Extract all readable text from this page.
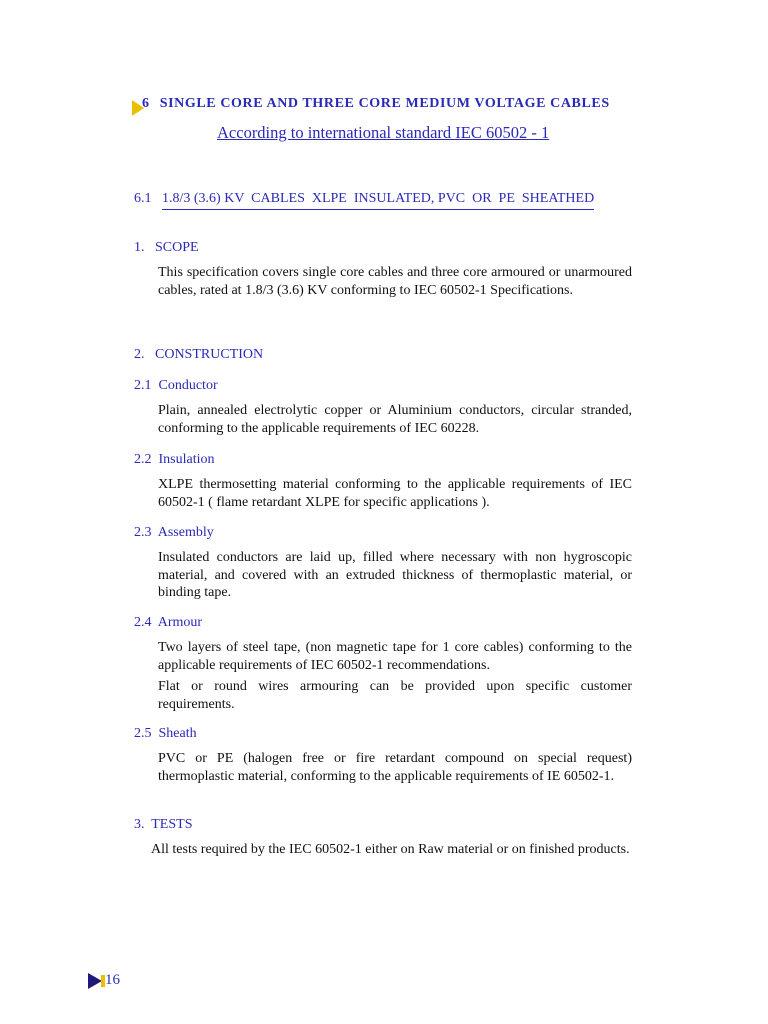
6 SINGLE CORE AND THREE CORE MEDIUM VOLTAGE CABLES
According to international standard IEC 60502 - 1
6.1 1.8/3 (3.6) KV  CABLES  XLPE  INSULATED, PVC  OR  PE  SHEATHED
1.   SCOPE
This specification covers single core cables and three core armoured or unarmoured cables, rated at 1.8/3 (3.6) KV conforming to IEC 60502-1 Specifications.
2.   CONSTRUCTION
2.1  Conductor
Plain, annealed electrolytic copper or Aluminium conductors, circular stranded, conforming to the applicable requirements of IEC 60228.
2.2  Insulation
XLPE thermosetting material conforming to the applicable requirements of IEC 60502-1 ( flame retardant XLPE for specific applications ).
2.3  Assembly
Insulated conductors are laid up, filled where necessary with non hygroscopic material, and covered with an extruded thickness of thermoplastic material, or binding tape.
2.4  Armour
Two layers of steel tape, (non magnetic tape for 1 core cables) conforming to the applicable requirements of IEC 60502-1 recommendations.
Flat or round wires armouring can be provided upon specific customer requirements.
2.5  Sheath
PVC or PE (halogen free or fire retardant compound on special request) thermoplastic material, conforming to the applicable requirements of IE 60502-1.
3.  TESTS
All tests required by the IEC 60502-1 either on Raw material or on finished products.
16
